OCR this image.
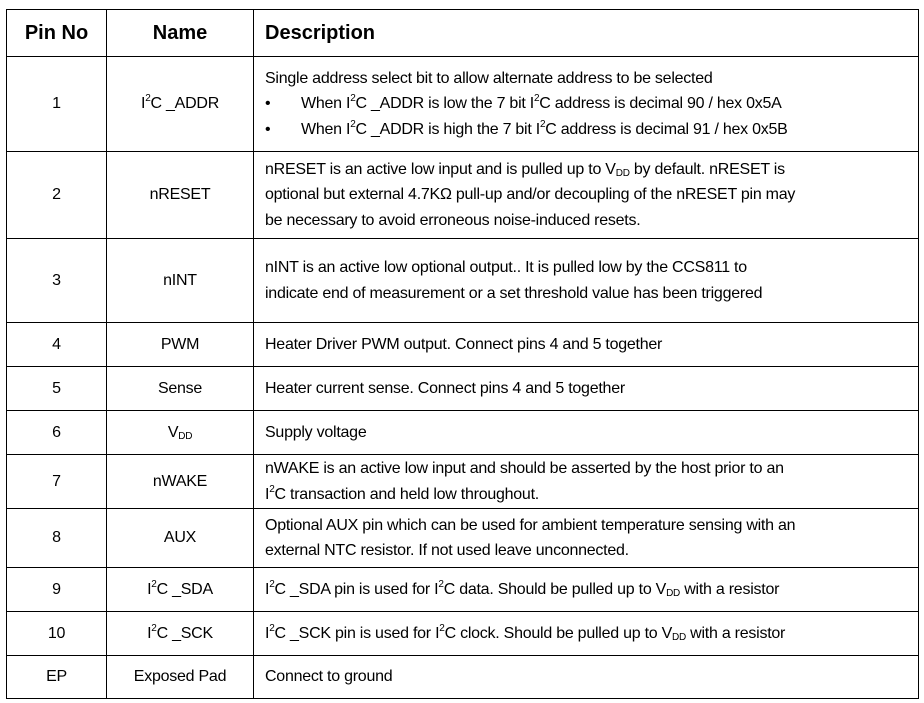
Pin No	Name	Description
1	$I^2C$ _ADDR	Single address select bit to allow alternate address to be selected
• When $I^2C$ _ADDR is low the 7 bit $I^2C$ address is decimal 90 / hex 0x5A
• When $I^2C$ _ADDR is high the 7 bit $I^2C$ address is decimal 91 / hex 0x5B

2	nRESET	nRESET is an active low input and is pulled up to $V_{DD}$ by default. nRESET is
optional but external 4.7KΩ pull-up and/or decoupling of the nRESET pin may
be necessary to avoid erroneous noise-induced resets.

3	nINT	nINT is an active low optional output.. It is pulled low by the CCS811 to
indicate end of measurement or a set threshold value has been triggered

4	PWM	Heater Driver PWM output. Connect pins 4 and 5 together

5	Sense	Heater current sense. Connect pins 4 and 5 together

6	$V_{DD}$	Supply voltage

7	nWAKE	nWAKE is an active low input and should be asserted by the host prior to an
$I^2C$ transaction and held low throughout.

8	AUX	Optional AUX pin which can be used for ambient temperature sensing with an
external NTC resistor. If not used leave unconnected.

9	$I^2C$ _SDA	$I^2C$ _SDA pin is used for $I^2C$ data. Should be pulled up to $V_{DD}$ with a resistor

10	$I^2C$ _SCK	$I^2C$ _SCK pin is used for $I^2C$ clock. Should be pulled up to $V_{DD}$ with a resistor

EP	Exposed Pad	Connect to ground
